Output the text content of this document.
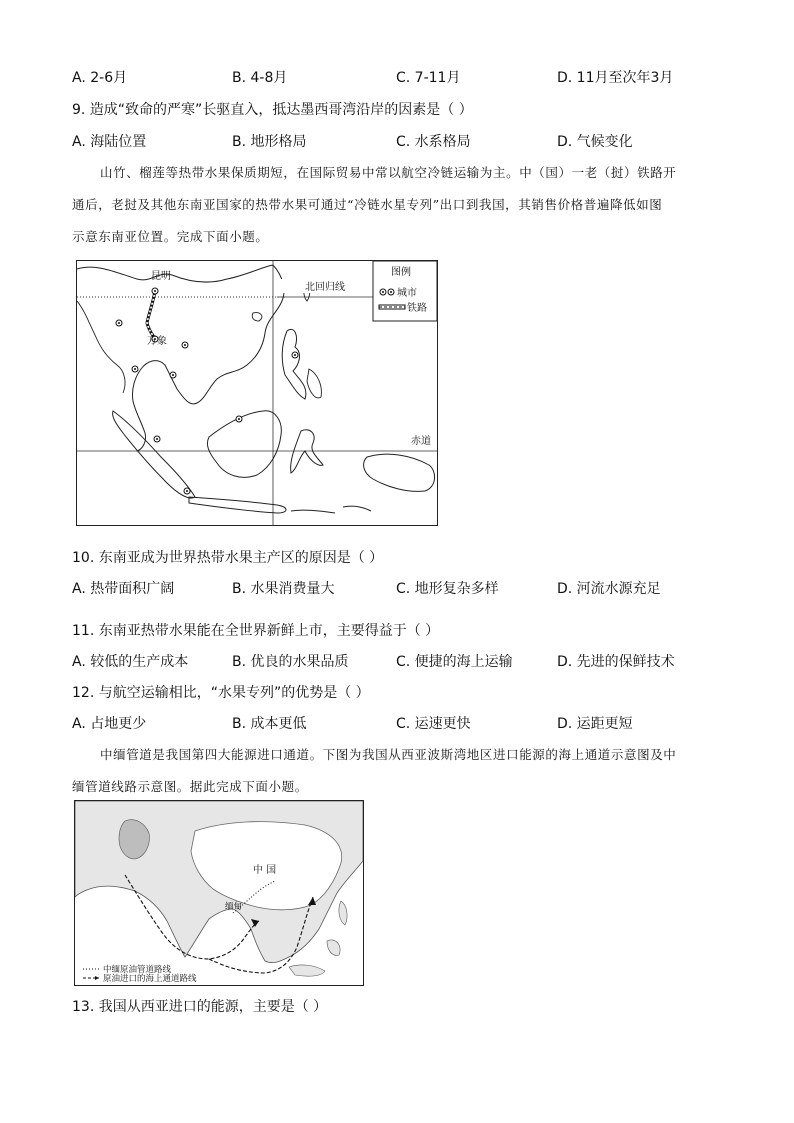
A. 2-6月	B. 4-8月	C. 7-11月	D. 11月至次年3月
9. 造成“致命的严寒”长驱直入，抵达墨西哥湾沿岸的因素是（ ）
A. 海陆位置	B. 地形格局	C. 水系格局	D. 气候变化
山竹、榴莲等热带水果保质期短，在国际贸易中常以航空冷链运输为主。中（国）一老（挝）铁路开
通后，老挝及其他东南亚国家的热带水果可通过“冷链水星专列”出口到我国，其销售价格普遍降低如图
示意东南亚位置。完成下面小题。
昆明
万象
北回归线
赤道
图例
城市
铁路
10. 东南亚成为世界热带水果主产区的原因是（ ）
A. 热带面积广阔	B. 水果消费量大	C. 地形复杂多样	D. 河流水源充足
11. 东南亚热带水果能在全世界新鲜上市，主要得益于（ ）
A. 较低的生产成本	B. 优良的水果品质	C. 便捷的海上运输	D. 先进的保鲜技术
12. 与航空运输相比，“水果专列”的优势是（ ）
A. 占地更少	B. 成本更低	C. 运速更快	D. 运距更短
中缅管道是我国第四大能源进口通道。下图为我国从西亚波斯湾地区进口能源的海上通道示意图及中
缅管道线路示意图。据此完成下面小题。
中 国
缅甸
中缅原油管道路线
原油进口的海上通道路线
13. 我国从西亚进口的能源，主要是（ ）
